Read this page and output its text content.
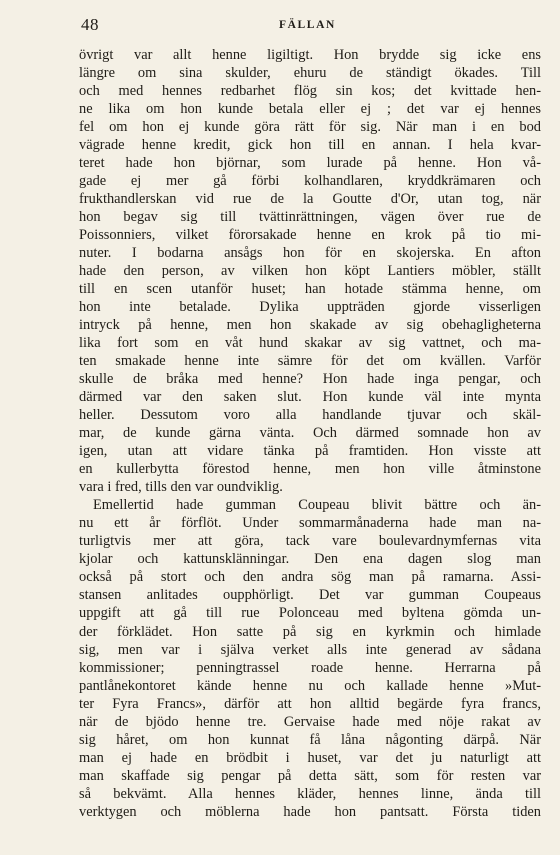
48	FÄLLAN
övrigt var allt henne ligiltigt. Hon brydde sig icke ens
längre om sina skulder, ehuru de ständigt ökades. Till
och med hennes redbarhet flög sin kos; det kvittade hen-
ne lika om hon kunde betala eller ej ; det var ej hennes
fel om hon ej kunde göra rätt för sig. När man i en bod
vägrade henne kredit, gick hon till en annan. I hela kvar-
teret hade hon björnar, som lurade på henne. Hon vå-
gade ej mer gå förbi kolhandlaren, kryddkrämaren och
frukthandlerskan vid rue de la Goutte d'Or, utan tog, när
hon begav sig till tvättinrättningen, vägen över rue de
Poissonniers, vilket förorsakade henne en krok på tio mi-
nuter. I bodarna ansågs hon för en skojerska. En afton
hade den person, av vilken hon köpt Lantiers möbler, ställt
till en scen utanför huset; han hotade stämma henne, om
hon inte betalade. Dylika uppträden gjorde visserligen
intryck på henne, men hon skakade av sig obehagligheterna
lika fort som en våt hund skakar av sig vattnet, och ma-
ten smakade henne inte sämre för det om kvällen. Varför
skulle de bråka med henne? Hon hade inga pengar, och
därmed var den saken slut. Hon kunde väl inte mynta
heller. Dessutom voro alla handlande tjuvar och skäl-
mar, de kunde gärna vänta. Och därmed somnade hon av
igen, utan att vidare tänka på framtiden. Hon visste att
en kullerbytta förestod henne, men hon ville åtminstone
vara i fred, tills den var oundviklig.
Emellertid hade gumman Coupeau blivit bättre och än-
nu ett år förflöt. Under sommarmånaderna hade man na-
turligtvis mer att göra, tack vare boulevardnymfernas vita
kjolar och kattunsklänningar. Den ena dagen slog man
också på stort och den andra sög man på ramarna. Assi-
stansen anlitades oupphörligt. Det var gumman Coupeaus
uppgift att gå till rue Polonceau med byltena gömda un-
der förklädet. Hon satte på sig en kyrkmin och himlade
sig, men var i själva verket alls inte generad av sådana
kommissioner; penningtrassel roade henne. Herrarna på
pantlånekontoret kände henne nu och kallade henne »Mut-
ter Fyra Francs», därför att hon alltid begärde fyra francs,
när de bjödo henne tre. Gervaise hade med nöje rakat av
sig håret, om hon kunnat få låna någonting därpå. När
man ej hade en brödbit i huset, var det ju naturligt att
man skaffade sig pengar på detta sätt, som för resten var
så bekvämt. Alla hennes kläder, hennes linne, ända till
verktygen och möblerna hade hon pantsatt. Första tiden
